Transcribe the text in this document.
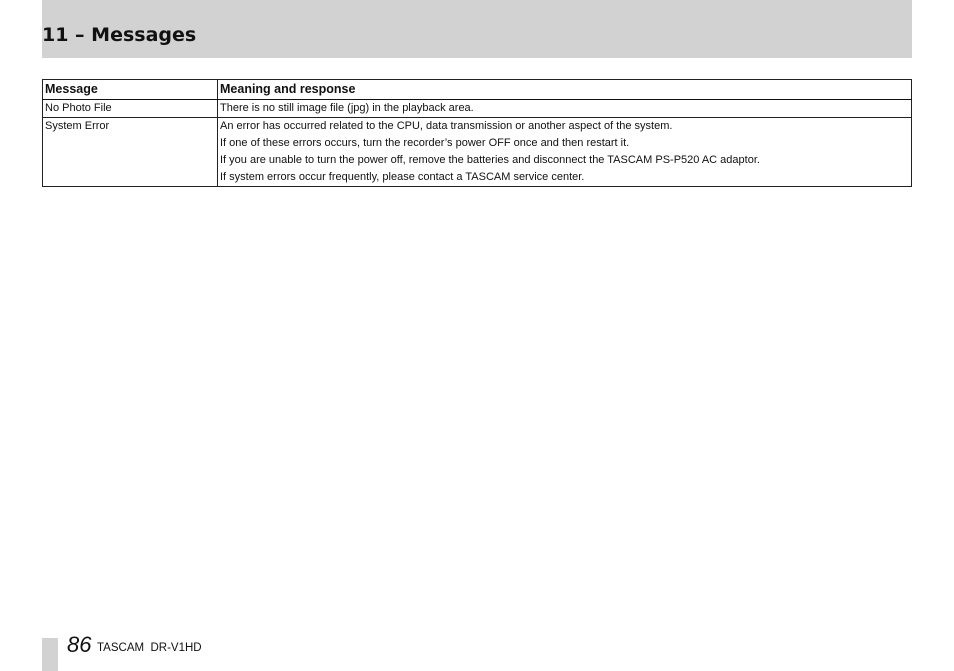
11 – Messages
Message	Meaning and response
No Photo File	There is no still image file (jpg) in the playback area.

System Error	An error has occurred related to the CPU, data transmission or another aspect of the system.
If one of these errors occurs, turn the recorder’s power OFF once and then restart it.
If you are unable to turn the power off, remove the batteries and disconnect the TASCAM PS-P520 AC adaptor.
If system errors occur frequently, please contact a TASCAM service center.
86 TASCAM  DR-V1HD
